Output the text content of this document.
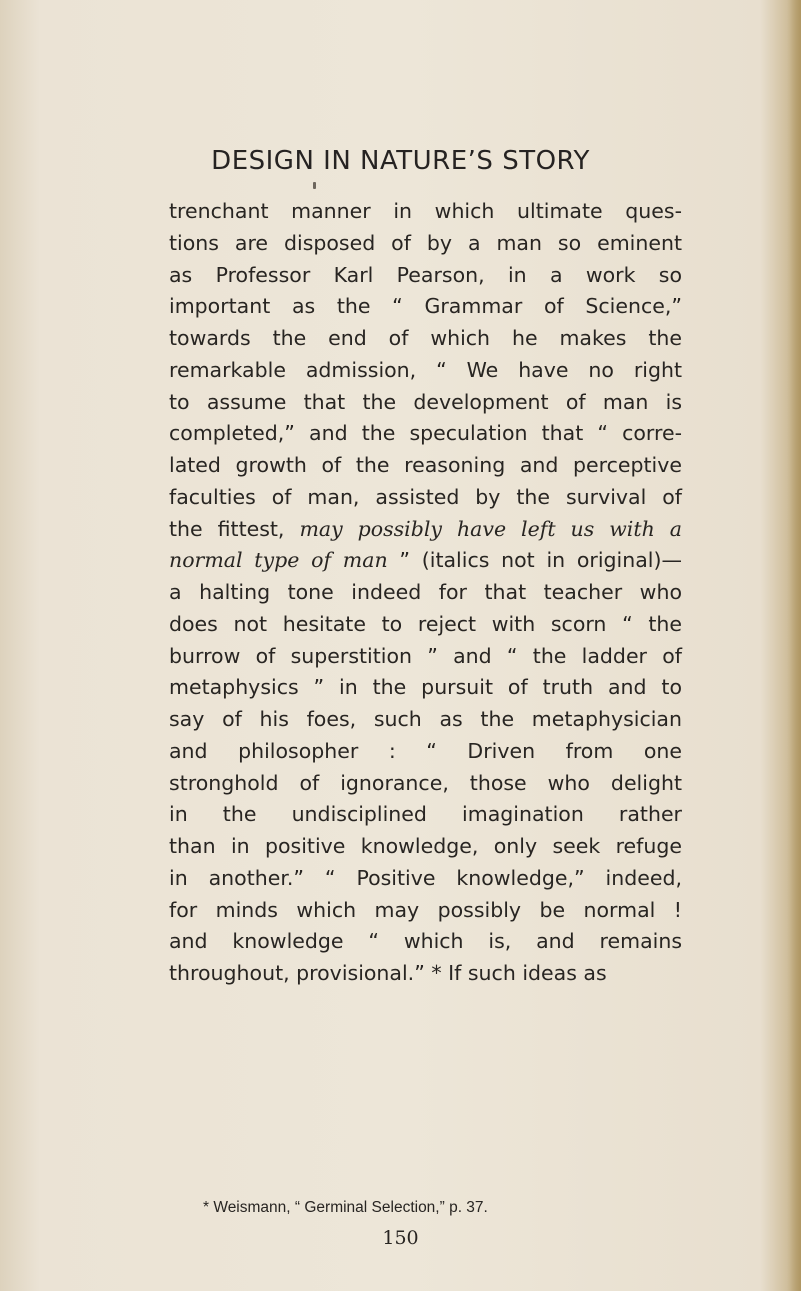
DESIGN IN NATURE’S STORY
trenchant manner in which ultimate ques-
tions are disposed of by a man so eminent
as Professor Karl Pearson, in a work so
important as the “ Grammar of Science,”
towards the end of which he makes the
remarkable admission, “ We have no right
to assume that the development of man is
completed,” and the speculation that “ corre-
lated growth of the reasoning and perceptive
faculties of man, assisted by the survival of
the fittest, may possibly have left us with a
normal type of man ” (italics not in original)—
a halting tone indeed for that teacher who
does not hesitate to reject with scorn “ the
burrow of superstition ” and “ the ladder of
metaphysics ” in the pursuit of truth and to
say of his foes, such as the metaphysician
and philosopher : “ Driven from one
stronghold of ignorance, those who delight
in the undisciplined imagination rather
than in positive knowledge, only seek refuge
in another.” “ Positive knowledge,” indeed,
for minds which may possibly be normal !
and knowledge “ which is, and remains
throughout, provisional.” * If such ideas as
* Weismann, “ Germinal Selection,” p. 37.
150
